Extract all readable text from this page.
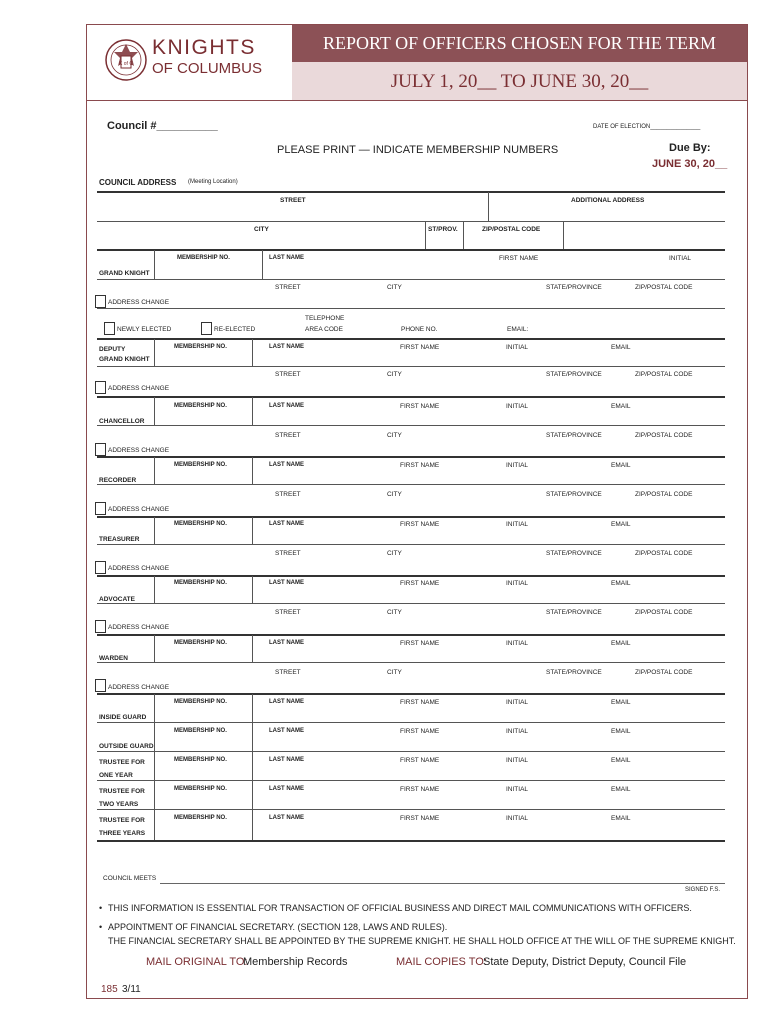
K of C
KNIGHTS
OF COLUMBUS
REPORT OF OFFICERS CHOSEN FOR THE TERM
JULY 1, 20__ TO JUNE 30, 20__
Council #__________	DATE OF ELECTION_______________
PLEASE PRINT — INDICATE MEMBERSHIP NUMBERS	Due By:
JUNE 30, 20__
COUNCIL ADDRESS (Meeting Location)
STREET	ADDITIONAL ADDRESS
CITY	ST/PROV.	ZIP/POSTAL CODE
MEMBERSHIP NO.	LAST NAME	FIRST NAME	INITIAL
GRAND KNIGHT
STREET	CITY	STATE/PROVINCE	ZIP/POSTAL CODE
ADDRESS CHANGE
NEWLY ELECTED	RE-ELECTED
TELEPHONE
AREA CODE	PHONE NO.	EMAIL:
MEMBERSHIP NO.	LAST NAME	FIRST NAME	INITIAL	EMAIL
DEPUTY
GRAND KNIGHT
STREET	CITY	STATE/PROVINCE	ZIP/POSTAL CODE
ADDRESS CHANGE
MEMBERSHIP NO.	LAST NAME	FIRST NAME	INITIAL	EMAIL
CHANCELLOR
STREET	CITY	STATE/PROVINCE	ZIP/POSTAL CODE
ADDRESS CHANGE
MEMBERSHIP NO.	LAST NAME	FIRST NAME	INITIAL	EMAIL
RECORDER
STREET	CITY	STATE/PROVINCE	ZIP/POSTAL CODE
ADDRESS CHANGE
MEMBERSHIP NO.	LAST NAME	FIRST NAME	INITIAL	EMAIL
TREASURER
STREET	CITY	STATE/PROVINCE	ZIP/POSTAL CODE
ADDRESS CHANGE
MEMBERSHIP NO.	LAST NAME	FIRST NAME	INITIAL	EMAIL
ADVOCATE
STREET	CITY	STATE/PROVINCE	ZIP/POSTAL CODE
ADDRESS CHANGE
MEMBERSHIP NO.	LAST NAME	FIRST NAME	INITIAL	EMAIL
WARDEN
STREET	CITY	STATE/PROVINCE	ZIP/POSTAL CODE
ADDRESS CHANGE
MEMBERSHIP NO.	LAST NAME	FIRST NAME	INITIAL	EMAIL
INSIDE GUARD
MEMBERSHIP NO.	LAST NAME	FIRST NAME	INITIAL	EMAIL
OUTSIDE GUARD
MEMBERSHIP NO.	LAST NAME	FIRST NAME	INITIAL	EMAIL
TRUSTEE FOR
ONE YEAR
MEMBERSHIP NO.	LAST NAME	FIRST NAME	INITIAL	EMAIL
TRUSTEE FOR
TWO YEARS
MEMBERSHIP NO.	LAST NAME	FIRST NAME	INITIAL	EMAIL
TRUSTEE FOR
THREE YEARS
COUNCIL MEETS
SIGNED F.S.
• THIS INFORMATION IS ESSENTIAL FOR TRANSACTION OF OFFICIAL BUSINESS AND DIRECT MAIL COMMUNICATIONS WITH OFFICERS.
• APPOINTMENT OF FINANCIAL SECRETARY. (SECTION 128, LAWS AND RULES).
THE FINANCIAL SECRETARY SHALL BE APPOINTED BY THE SUPREME KNIGHT. HE SHALL HOLD OFFICE AT THE WILL OF THE SUPREME KNIGHT.
MAIL ORIGINAL TO:
Membership Records	MAIL COPIES TO:
State Deputy, District Deputy, Council File
185 3/11
